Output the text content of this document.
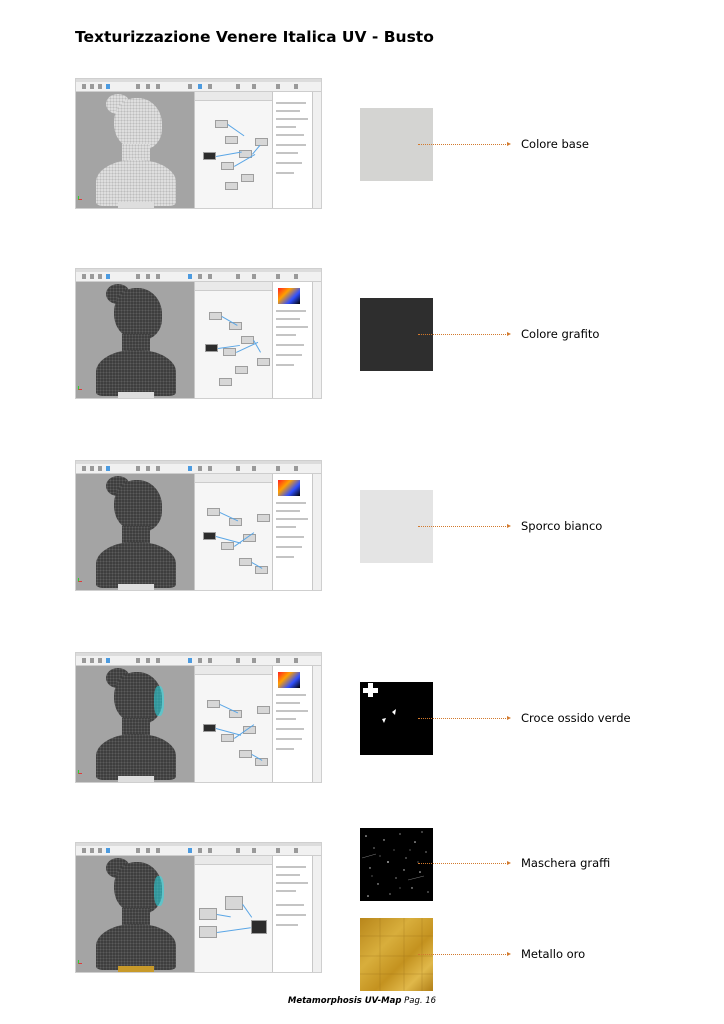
Texturizzazione Venere Italica UV - Busto
Colore base
Colore grafito
Sporco bianco
Croce ossido verde
Maschera graffi
Metallo oro
Metamorphosis UV-Map Pag. 16
